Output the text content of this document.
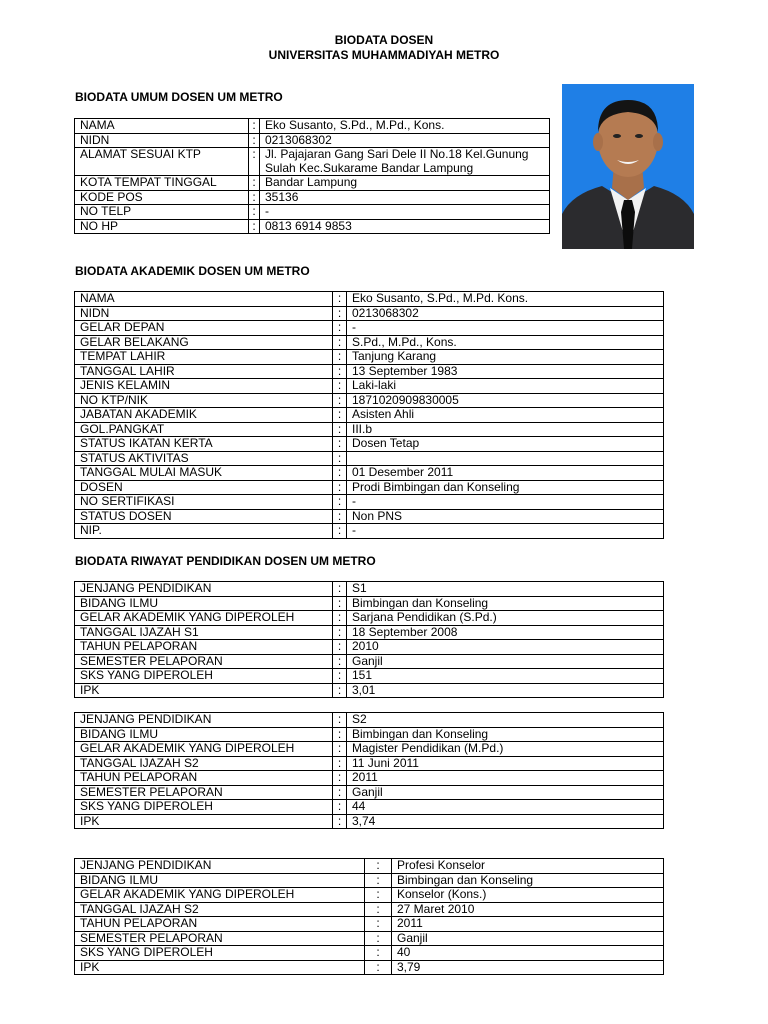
BIODATA DOSEN
UNIVERSITAS MUHAMMADIYAH METRO
BIODATA UMUM DOSEN UM METRO
NAMA	:	Eko Susanto, S.Pd., M.Pd., Kons.
NIDN	:	0213068302
ALAMAT SESUAI KTP	:	Jl. Pajajaran Gang Sari Dele II No.18 Kel.Gunung Sulah Kec.Sukarame Bandar Lampung
KOTA TEMPAT TINGGAL	:	Bandar Lampung
KODE POS	:	35136
NO TELP	:	-
NO HP	:	0813 6914 9853
BIODATA AKADEMIK DOSEN UM METRO
NAMA	:	Eko Susanto, S.Pd., M.Pd. Kons.
NIDN	:	0213068302
GELAR DEPAN	:	-
GELAR BELAKANG	:	S.Pd., M.Pd., Kons.
TEMPAT LAHIR	:	Tanjung Karang
TANGGAL LAHIR	:	13 September 1983
JENIS KELAMIN	:	Laki-laki
NO KTP/NIK	:	1871020909830005
JABATAN AKADEMIK	:	Asisten Ahli
GOL.PANGKAT	:	III.b
STATUS IKATAN KERTA	:	Dosen Tetap
STATUS AKTIVITAS	:	
TANGGAL MULAI MASUK	:	01 Desember 2011
DOSEN	:	Prodi Bimbingan dan Konseling
NO SERTIFIKASI	:	-
STATUS DOSEN	:	Non PNS
NIP.	:	-
BIODATA RIWAYAT PENDIDIKAN DOSEN UM METRO
JENJANG PENDIDIKAN	:	S1
BIDANG ILMU	:	Bimbingan dan Konseling
GELAR AKADEMIK YANG DIPEROLEH	:	Sarjana Pendidikan (S.Pd.)
TANGGAL IJAZAH S1	:	18 September 2008
TAHUN PELAPORAN	:	2010
SEMESTER PELAPORAN	:	Ganjil
SKS YANG DIPEROLEH	:	151
IPK	:	3,01
JENJANG PENDIDIKAN	:	S2
BIDANG ILMU	:	Bimbingan dan Konseling
GELAR AKADEMIK YANG DIPEROLEH	:	Magister Pendidikan (M.Pd.)
TANGGAL IJAZAH S2	:	11 Juni 2011
TAHUN PELAPORAN	:	2011
SEMESTER PELAPORAN	:	Ganjil
SKS YANG DIPEROLEH	:	44
IPK	:	3,74
JENJANG PENDIDIKAN	:	Profesi Konselor
BIDANG ILMU	:	Bimbingan dan Konseling
GELAR AKADEMIK YANG DIPEROLEH	:	Konselor (Kons.)
TANGGAL IJAZAH S2	:	27 Maret 2010
TAHUN PELAPORAN	:	2011
SEMESTER PELAPORAN	:	Ganjil
SKS YANG DIPEROLEH	:	40
IPK	:	3,79
